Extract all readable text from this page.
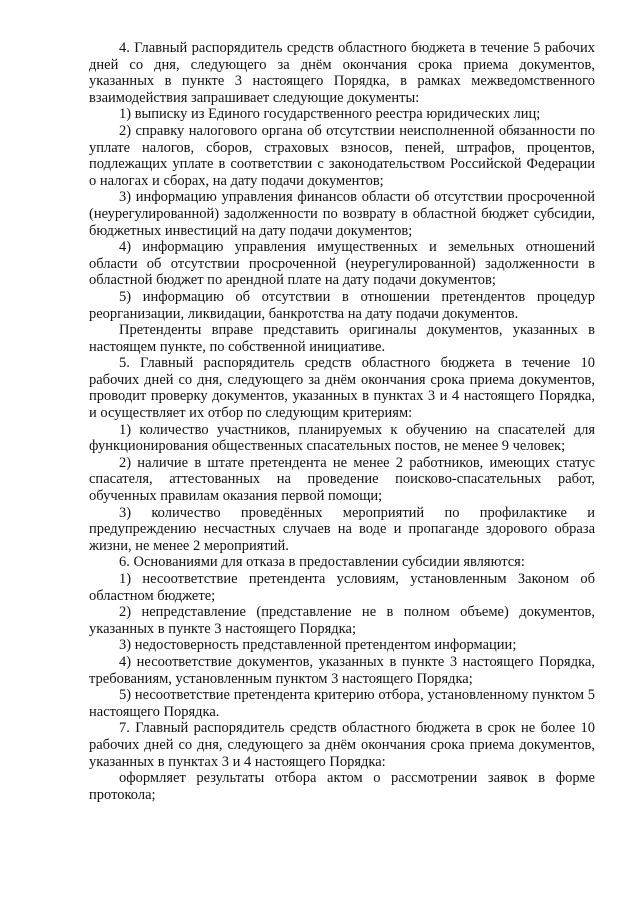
4. Главный распорядитель средств областного бюджета в течение 5 рабочих дней со дня, следующего за днём окончания срока приема документов, указанных в пункте 3 настоящего Порядка, в рамках межведомственного взаимодействия запрашивает следующие документы:

1) выписку из Единого государственного реестра юридических лиц;

2) справку налогового органа об отсутствии неисполненной обязанности по уплате налогов, сборов, страховых взносов, пеней, штрафов, процентов, подлежащих уплате в соответствии с законодательством Российской Федерации о налогах и сборах, на дату подачи документов;

3) информацию управления финансов области об отсутствии просроченной (неурегулированной) задолженности по возврату в областной бюджет субсидии, бюджетных инвестиций на дату подачи документов;

4) информацию управления имущественных и земельных отношений области об отсутствии просроченной (неурегулированной) задолженности в областной бюджет по арендной плате на дату подачи документов;

5) информацию об отсутствии в отношении претендентов процедур реорганизации, ликвидации, банкротства на дату подачи документов.

Претенденты вправе представить оригиналы документов, указанных в настоящем пункте, по собственной инициативе.

5. Главный распорядитель средств областного бюджета в течение 10 рабочих дней со дня, следующего за днём окончания срока приема документов, проводит проверку документов, указанных в пунктах 3 и 4 настоящего Порядка, и осуществляет их отбор по следующим критериям:

1) количество участников, планируемых к обучению на спасателей для функционирования общественных спасательных постов, не менее 9 человек;

2) наличие в штате претендента не менее 2 работников, имеющих статус спасателя, аттестованных на проведение поисково-спасательных работ, обученных правилам оказания первой помощи;

3) количество проведённых мероприятий по профилактике и предупреждению несчастных случаев на воде и пропаганде здорового образа жизни, не менее 2 мероприятий.

6. Основаниями для отказа в предоставлении субсидии являются:

1) несоответствие претендента условиям, установленным Законом об областном бюджете;

2) непредставление (представление не в полном объеме) документов, указанных в пункте 3 настоящего Порядка;

3) недостоверность представленной претендентом информации;

4) несоответствие документов, указанных в пункте 3 настоящего Порядка, требованиям, установленным пунктом 3 настоящего Порядка;

5) несоответствие претендента критерию отбора, установленному пунктом 5 настоящего Порядка.

7. Главный распорядитель средств областного бюджета в срок не более 10 рабочих дней со дня, следующего за днём окончания срока приема документов, указанных в пунктах 3 и 4 настоящего Порядка:

оформляет результаты отбора актом о рассмотрении заявок в форме протокола;
